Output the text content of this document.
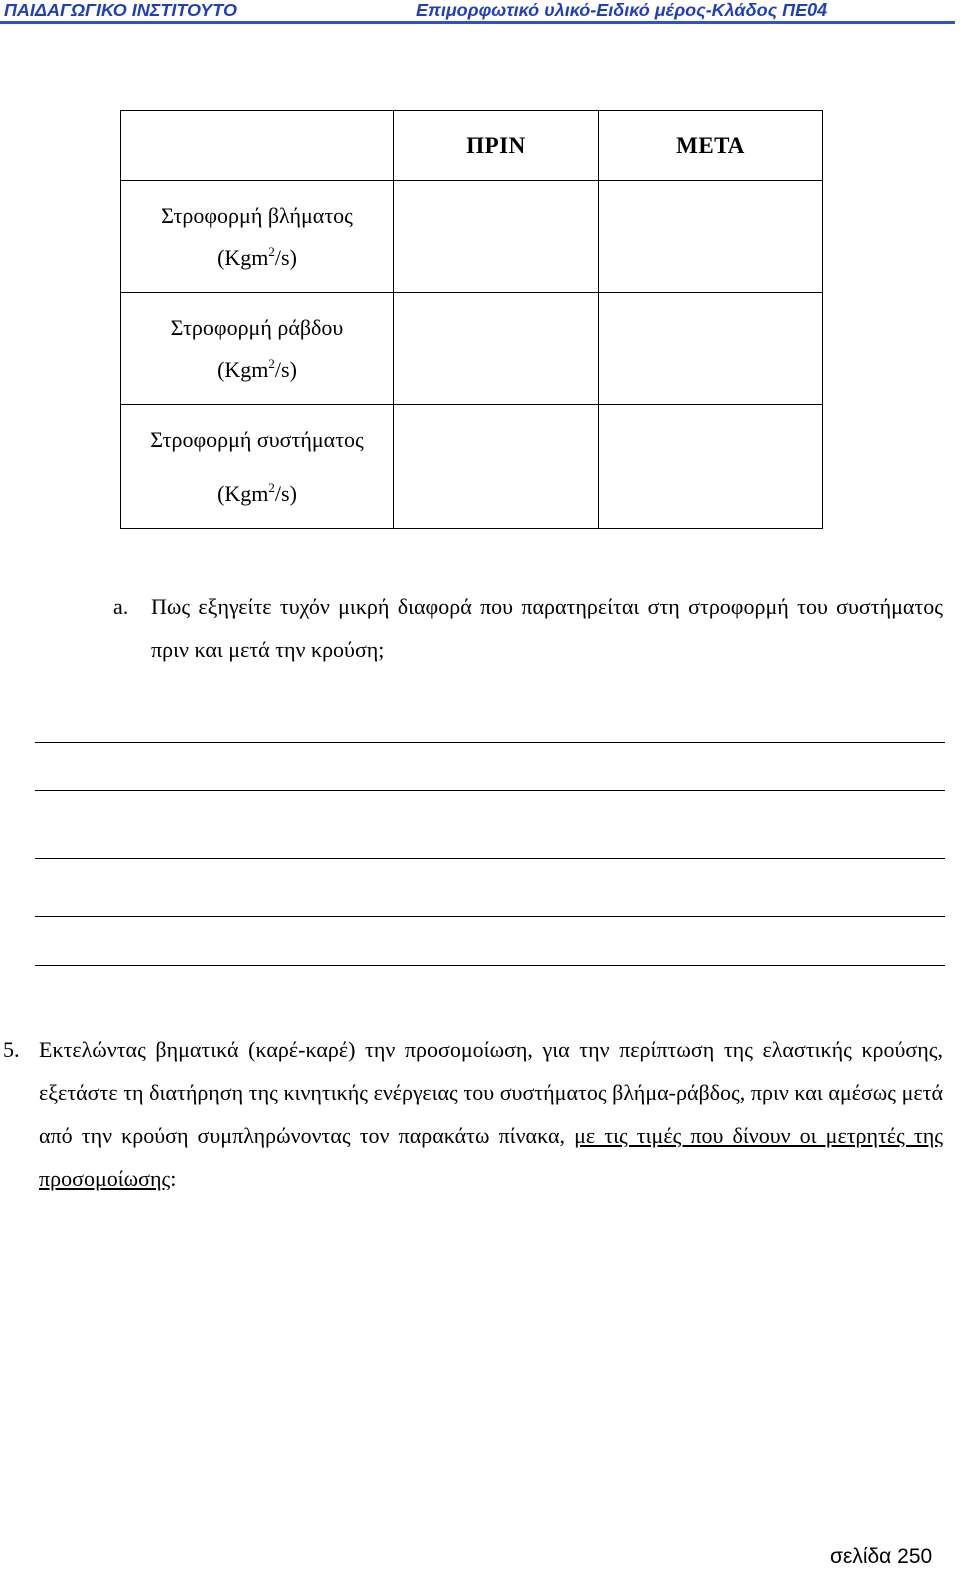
ΠΑΙΔΑΓΩΓΙΚΟ ΙΝΣΤΙΤΟΥΤΟ	Επιμορφωτικό υλικό-Ειδικό μέρος-Κλάδος ΠΕ04
	ΠΡΙΝ	ΜΕΤΑ

Στροφορμή βλήματος
(Kgm$^2$/s)		

Στροφορμή ράβδου
(Kgm$^2$/s)		

Στροφορμή συστήματος
(Kgm$^2$/s)		

a. Πως εξηγείτε τυχόν μικρή διαφορά που παρατηρείται στη στροφορμή του συστήματος πριν και μετά την κρούση;
5. Εκτελώντας βηματικά (καρέ-καρέ) την προσομοίωση, για την περίπτωση της ελαστικής κρούσης, εξετάστε τη διατήρηση της κινητικής ενέργειας του συστήματος βλήμα-ράβδος, πριν και αμέσως μετά από την κρούση συμπληρώνοντας τον παρακάτω πίνακα, με τις τιμές που δίνουν οι μετρητές της προσομοίωσης:
σελίδα 250
